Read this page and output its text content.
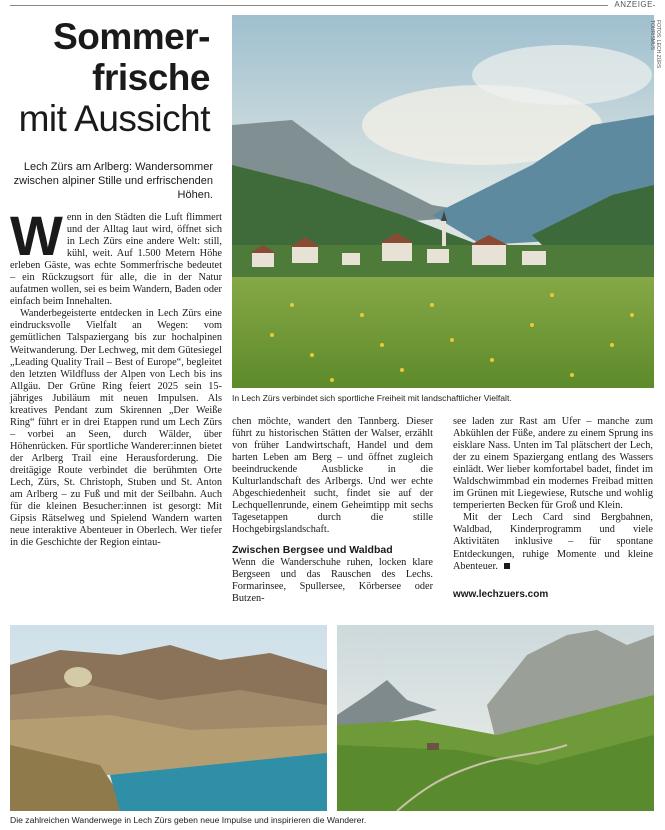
ANZEIGE
Sommer-
frische
mit Aussicht
Lech Zürs am Arlberg: Wandersommer zwischen alpiner Stille und erfrischenden Höhen.
FOTOS: LECH ZÜRS TOURISMUS
In Lech Zürs verbindet sich sportliche Freiheit mit landschaftlicher Vielfalt.

W enn in den Städten die Luft flimmert und der Alltag laut wird, öffnet sich in Lech Zürs eine andere Welt: still, kühl, weit. Auf 1.500 Metern Höhe erleben Gäste, was echte Sommerfrische bedeutet – ein Rückzugsort für alle, die in der Natur aufatmen wollen, sei es beim Wandern, Baden oder einfach beim Innehalten.

Wanderbegeisterte entdecken in Lech Zürs eine eindrucksvolle Vielfalt an Wegen: vom gemütlichen Talspaziergang bis zur hochalpinen Weitwanderung. Der Lechweg, mit dem Gütesiegel „Leading Quality Trail – Best of Europe“, begleitet den letzten Wildfluss der Alpen von Lech bis ins Allgäu. Der Grüne Ring feiert 2025 sein 15-jähriges Jubiläum mit neuen Impulsen. Als kreatives Pendant zum Skirennen „Der Weiße Ring“ führt er in drei Etappen rund um Lech Zürs – vorbei an Seen, durch Wälder, über Höhenrücken. Für sportliche Wanderer:innen bietet der Arlberg Trail eine Herausforderung. Die dreitägige Route verbindet die berühmten Orte Lech, Zürs, St. Christoph, Stuben und St. Anton am Arlberg – zu Fuß und mit der Seilbahn. Auch für die kleinen Besucher:innen ist gesorgt: Mit Gipsis Rätselweg und Spielend Wandern warten neue interaktive Abenteuer in Oberlech. Wer tiefer in die Geschichte der Region eintau-

chen möchte, wandert den Tannberg. Dieser führt zu historischen Stätten der Walser, erzählt von früher Landwirtschaft, Handel und dem harten Leben am Berg – und öffnet zugleich beeindruckende Ausblicke in die Kulturlandschaft des Arlbergs. Und wer echte Abgeschiedenheit sucht, findet sie auf der Lechquellenrunde, einem Geheimtipp mit sechs Tagesetappen durch die stille Hochgebirgslandschaft.

Zwischen Bergsee und Waldbad

Wenn die Wanderschuhe ruhen, locken klare Bergseen und das Rauschen des Lechs. Formarinsee, Spullersee, Körbersee oder Butzen-

see laden zur Rast am Ufer – manche zum Abkühlen der Füße, andere zu einem Sprung ins eisklare Nass. Unten im Tal plätschert der Lech, der zu einem Spaziergang entlang des Wassers einlädt. Wer lieber komfortabel badet, findet im Waldschwimmbad ein modernes Freibad mitten im Grünen mit Liegewiese, Rutsche und wohlig temperierten Becken für Groß und Klein.

Mit der Lech Card sind Bergbahnen, Waldbad, Kinderprogramm und viele Aktivitäten inklusive – für spontane Entdeckungen, ruhige Momente und kleine Abenteuer.

www.lechzuers.com

Die zahlreichen Wanderwege in Lech Zürs geben neue Impulse und inspirieren die Wanderer.
